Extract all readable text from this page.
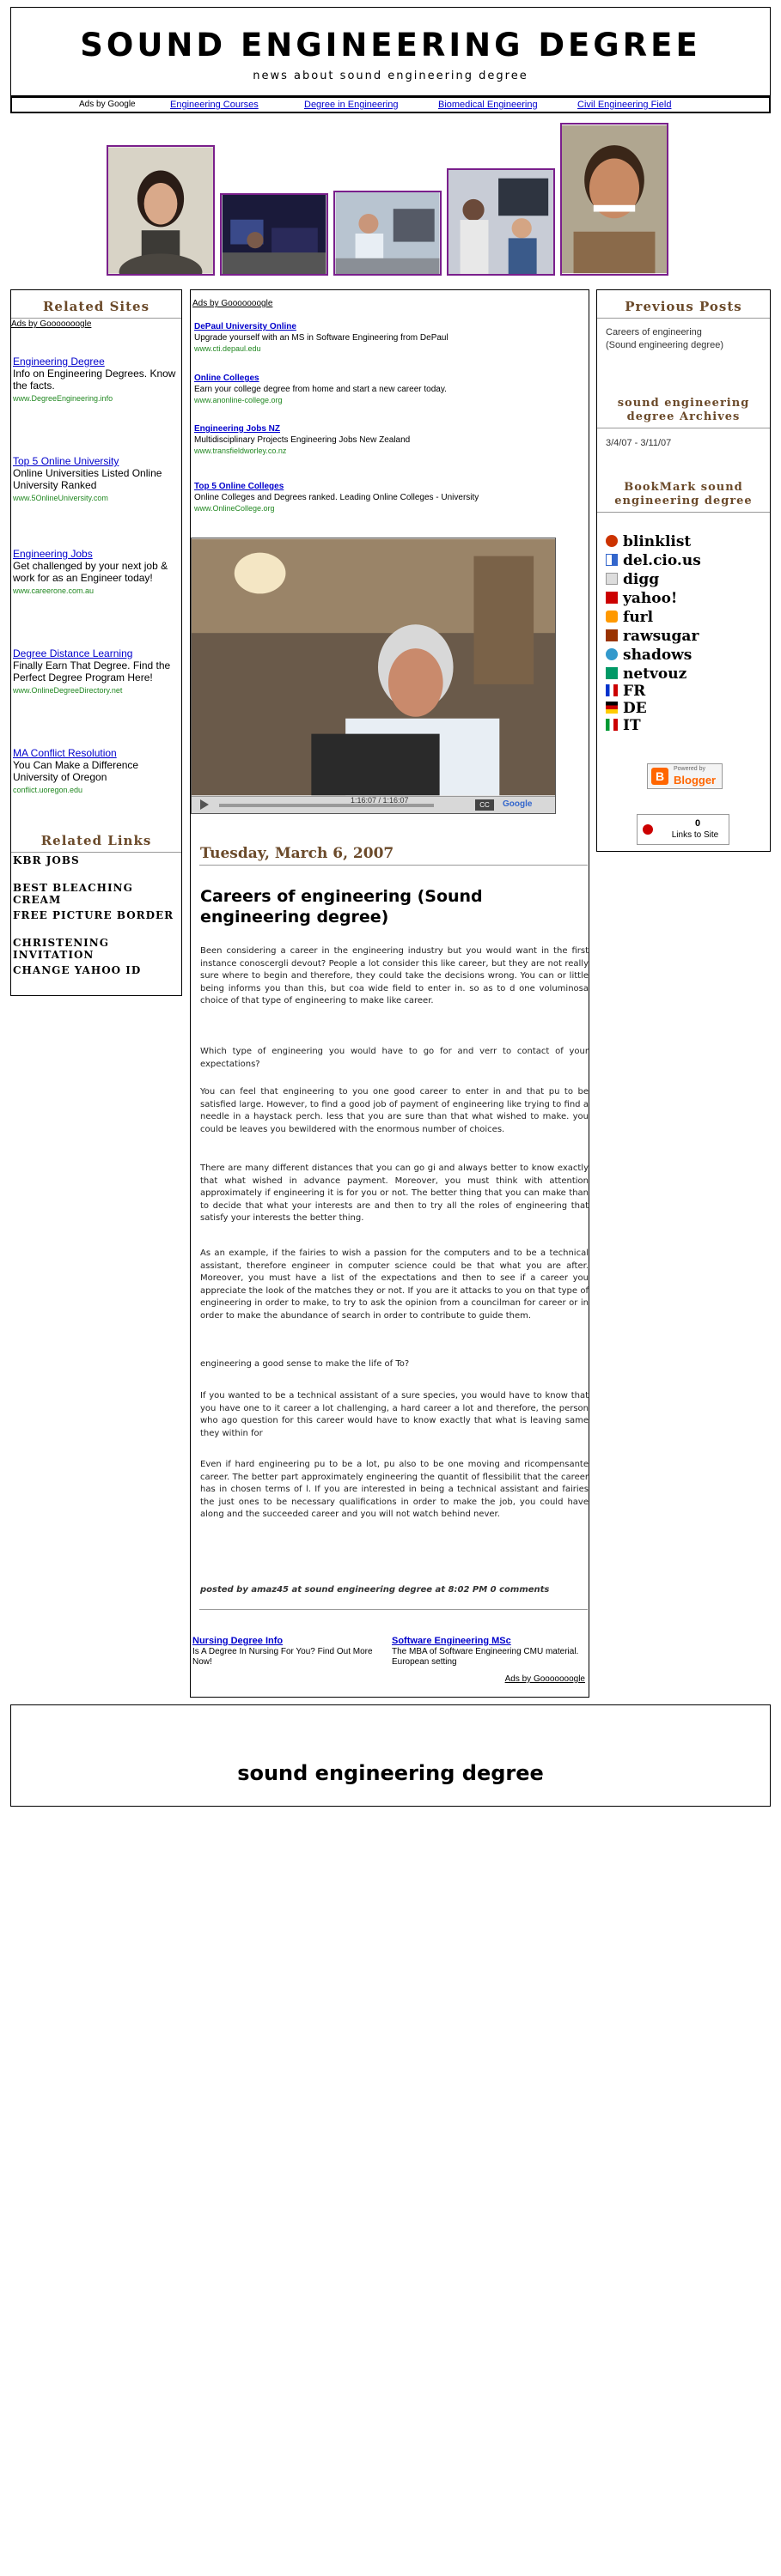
SOUND ENGINEERING DEGREE
news about sound engineering degree
Ads by Google	Engineering Courses	Degree in Engineering	Biomedical Engineering	Civil Engineering Field
Related Sites
Ads by Gooooooogle
Engineering Degree
Info on Engineering Degrees. Know the facts.
www.DegreeEngineering.info
Top 5 Online University
Online Universities Listed Online University Ranked
www.5OnlineUniversity.com
Engineering Jobs
Get challenged by your next job & work for as an Engineer today!
www.careerone.com.au
Degree Distance Learning
Finally Earn That Degree. Find the Perfect Degree Program Here!
www.OnlineDegreeDirectory.net
MA Conflict Resolution
You Can Make a Difference University of Oregon
conflict.uoregon.edu
Related Links
KBR JOBS
BEST BLEACHING CREAM
FREE PICTURE BORDER
CHRISTENING INVITATION
CHANGE YAHOO ID
Ads by Gooooooogle
DePaul University Online
Upgrade yourself with an MS in Software Engineering from DePaul
www.cti.depaul.edu
Online Colleges
Earn your college degree from home and start a new career today.
www.anonline-college.org
Engineering Jobs NZ
Multidisciplinary Projects Engineering Jobs New Zealand
www.transfieldworley.co.nz
Top 5 Online Colleges
Online Colleges and Degrees ranked. Leading Online Colleges - University
www.OnlineCollege.org
1:16:07 / 1:16:07
CC	Google
Tuesday, March 6, 2007
Careers of engineering (Sound engineering degree)
Been considering a career in the engineering industry but you would want in the first instance conoscergli devout? People a lot consider this like career, but they are not really sure where to begin and therefore, they could take the decisions wrong. You can or little being informs you than this, but coa wide field to enter in. so as to d one voluminosa choice of that type of engineering to make like career.
Which type of engineering you would have to go for and verr to contact of your expectations?
You can feel that engineering to you one good career to enter in and that pu to be satisfied large. However, to find a good job of payment of engineering like trying to find a needle in a haystack perch. less that you are sure than that what wished to make. you could be leaves you bewildered with the enormous number of choices.
There are many different distances that you can go gi and always better to know exactly that what wished in advance payment. Moreover, you must think with attention approximately if engineering it is for you or not. The better thing that you can make than to decide that what your interests are and then to try all the roles of engineering that satisfy your interests the better thing.
As an example, if the fairies to wish a passion for the computers and to be a technical assistant, therefore engineer in computer science could be that what you are after. Moreover, you must have a list of the expectations and then to see if a career you appreciate the look of the matches they or not. If you are it attacks to you on that type of engineering in order to make, to try to ask the opinion from a councilman for career or in order to make the abundance of search in order to contribute to guide them.
engineering a good sense to make the life of To?
If you wanted to be a technical assistant of a sure species, you would have to know that you have one to it career a lot challenging, a hard career a lot and therefore, the person who ago question for this career would have to know exactly that what is leaving same they within for
Even if hard engineering pu to be a lot, pu also to be one moving and ricompensante career. The better part approximately engineering the quantit of flessibilit that the career has in chosen terms of l. If you are interested in being a technical assistant and fairies the just ones to be necessary qualifications in order to make the job, you could have along and the succeeded career and you will not watch behind never.
posted by amaz45 at sound engineering degree at 8:02 PM 0 comments
Nursing Degree Info
Is A Degree In Nursing For You? Find Out More Now!
Software Engineering MSc
The MBA of Software Engineering CMU material. European setting
Ads by Gooooooogle
Previous Posts
Careers of engineering (Sound engineering degree)
sound engineering degree Archives
3/4/07 - 3/11/07
BookMark sound engineering degree
blinklist
del.cio.us
digg
yahoo!
furl
rawsugar
shadows
netvouz
FR
DE
IT
B
Powered by
Blogger
0
Links to Site
sound engineering degree
